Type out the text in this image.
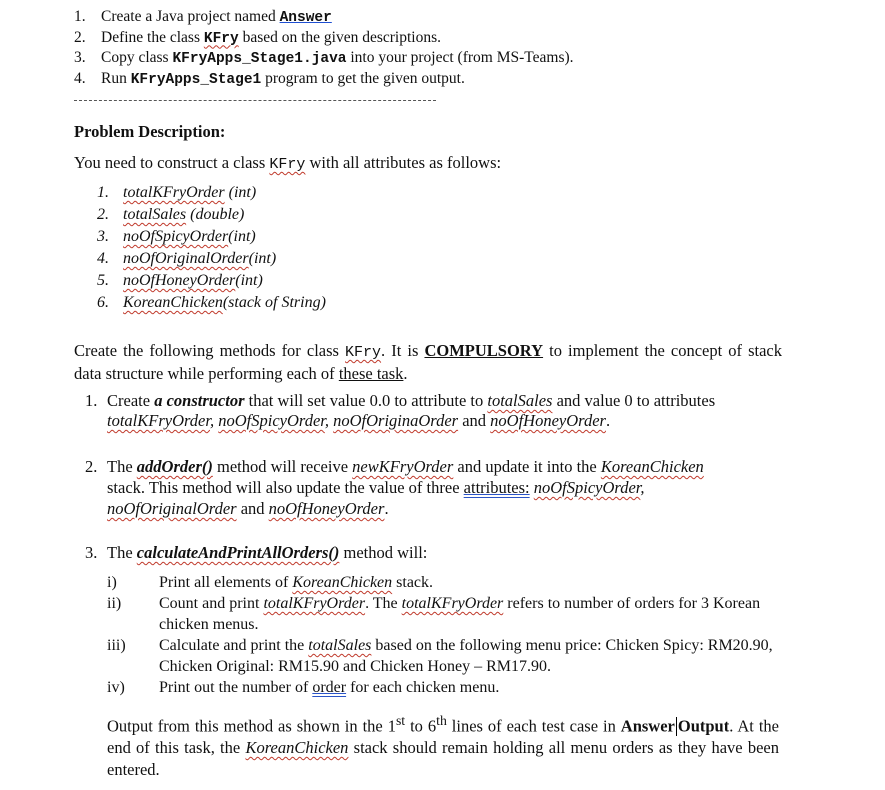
1. Create a Java project named Answer
2. Define the class KFry based on the given descriptions.
3. Copy class KFryApps_Stage1.java into your project (from MS-Teams).
4. Run KFryApps_Stage1 program to get the given output.
Problem Description:
You need to construct a class KFry with all attributes as follows:
1. totalKFryOrder (int)
2. totalSales (double)
3. noOfSpicyOrder(int)
4. noOfOriginalOrder(int)
5. noOfHoneyOrder(int)
6. KoreanChicken(stack of String)
Create the following methods for class KFry. It is COMPULSORY to implement the concept of stack data structure while performing each of these task.
1. Create a constructor that will set value 0.0 to attribute to totalSales and value 0 to attributes
totalKFryOrder, noOfSpicyOrder, noOfOriginaOrder and noOfHoneyOrder.
2. The addOrder() method will receive newKFryOrder and update it into the KoreanChicken
stack. This method will also update the value of three attributes: noOfSpicyOrder,
noOfOriginalOrder and noOfHoneyOrder.
3. The calculateAndPrintAllOrders() method will:
i)	Print all elements of KoreanChicken stack.
ii)	Count and print totalKFryOrder. The totalKFryOrder refers to number of orders for 3 Korean chicken menus.
iii)	Calculate and print the totalSales based on the following menu price: Chicken Spicy: RM20.90, Chicken Original: RM15.90 and Chicken Honey – RM17.90.
iv)	Print out the number of order for each chicken menu.
Output from this method as shown in the 1st to 6th lines of each test case in Answer Output. At the end of this task, the KoreanChicken stack should remain holding all menu orders as they have been entered.
